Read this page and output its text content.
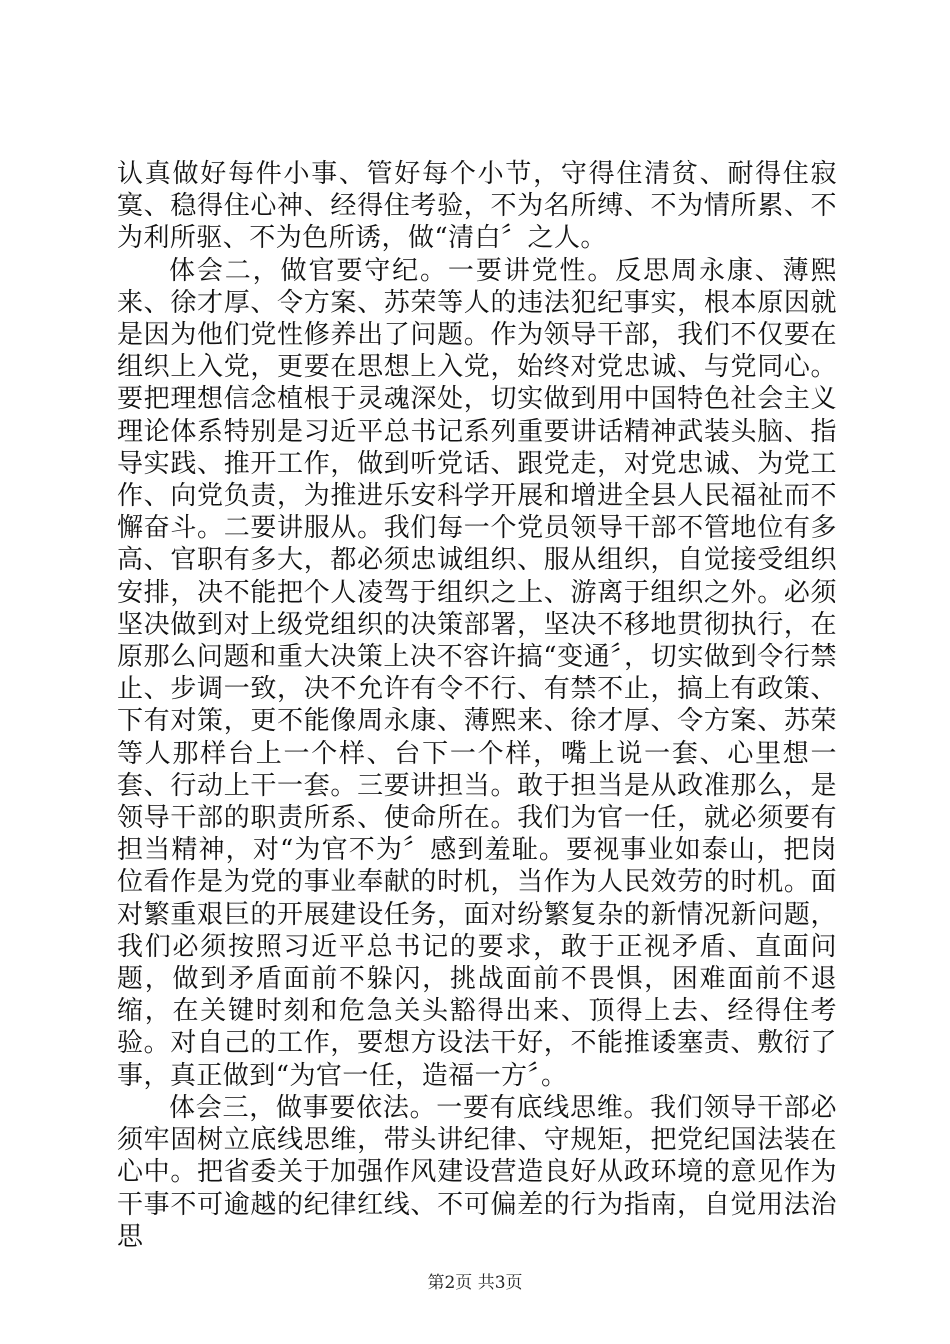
认真做好每件小事、管好每个小节，守得住清贫、耐得住寂寞、稳得住心神、经得住考验，不为名所缚、不为情所累、不为利所驱、不为色所诱，做“清白〞之人。

体会二，做官要守纪。一要讲党性。反思周永康、薄熙来、徐才厚、令方案、苏荣等人的违法犯纪事实，根本原因就是因为他们党性修养出了问题。作为领导干部，我们不仅要在组织上入党，更要在思想上入党，始终对党忠诚、与党同心。要把理想信念植根于灵魂深处，切实做到用中国特色社会主义理论体系特别是习近平总书记系列重要讲话精神武装头脑、指导实践、推开工作，做到听党话、跟党走，对党忠诚、为党工作、向党负责，为推进乐安科学开展和增进全县人民福祉而不懈奋斗。二要讲服从。我们每一个党员领导干部不管地位有多高、官职有多大，都必须忠诚组织、服从组织，自觉接受组织安排，决不能把个人凌驾于组织之上、游离于组织之外。必须坚决做到对上级党组织的决策部署，坚决不移地贯彻执行，在原那么问题和重大决策上决不容许搞“变通〞，切实做到令行禁止、步调一致，决不允许有令不行、有禁不止，搞上有政策、下有对策，更不能像周永康、薄熙来、徐才厚、令方案、苏荣等人那样台上一个样、台下一个样，嘴上说一套、心里想一套、行动上干一套。三要讲担当。敢于担当是从政准那么，是领导干部的职责所系、使命所在。我们为官一任，就必须要有担当精神，对“为官不为〞感到羞耻。要视事业如泰山，把岗位看作是为党的事业奉献的时机，当作为人民效劳的时机。面对繁重艰巨的开展建设任务，面对纷繁复杂的新情况新问题，我们必须按照习近平总书记的要求，敢于正视矛盾、直面问题，做到矛盾面前不躲闪，挑战面前不畏惧，困难面前不退缩，在关键时刻和危急关头豁得出来、顶得上去、经得住考验。对自己的工作，要想方设法干好，不能推诿塞责、敷衍了事，真正做到“为官一任，造福一方〞。

体会三，做事要依法。一要有底线思维。我们领导干部必须牢固树立底线思维，带头讲纪律、守规矩，把党纪国法装在心中。把省委关于加强作风建设营造良好从政环境的意见作为干事不可逾越的纪律红线、不可偏差的行为指南，自觉用法治思

第2页 共3页
